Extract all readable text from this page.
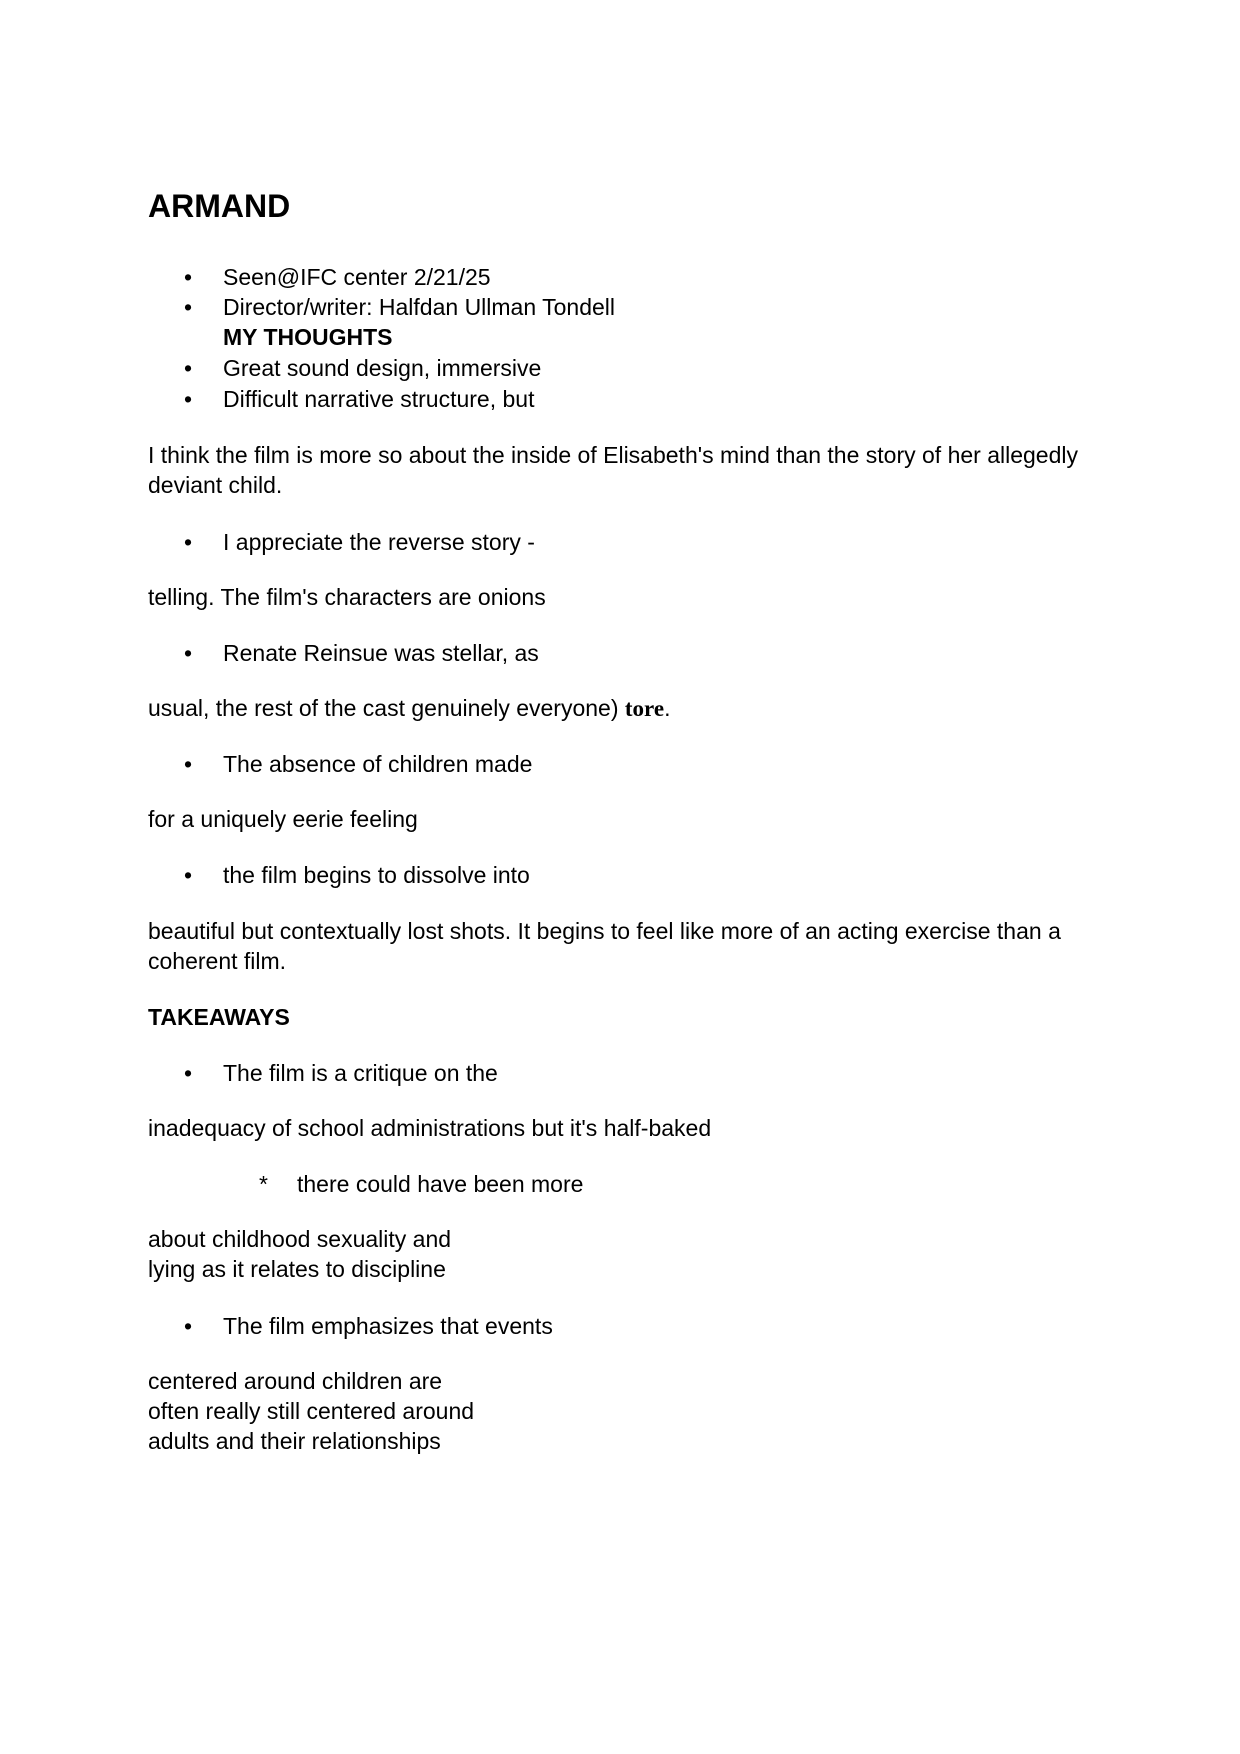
ARMAND
• Seen@IFC center 2/21/25
• Director/writer: Halfdan Ullman Tondell
MY THOUGHTS
• Great sound design, immersive
• Difficult narrative structure, but
I think the film is more so about the inside of Elisabeth's mind than the story of her allegedly
deviant child.
• I appreciate the reverse story -
telling. The film's characters are onions
• Renate Reinsue was stellar, as
usual, the rest of the cast genuinely everyone) tore.
• The absence of children made
for a uniquely eerie feeling
• the film begins to dissolve into
beautiful but contextually lost shots. It begins to feel like more of an acting exercise than a
coherent film.
TAKEAWAYS
• The film is a critique on the
inadequacy of school administrations but it's half-baked
* there could have been more
about childhood sexuality and
lying as it relates to discipline
• The film emphasizes that events
centered around children are
often really still centered around
adults and their relationships
